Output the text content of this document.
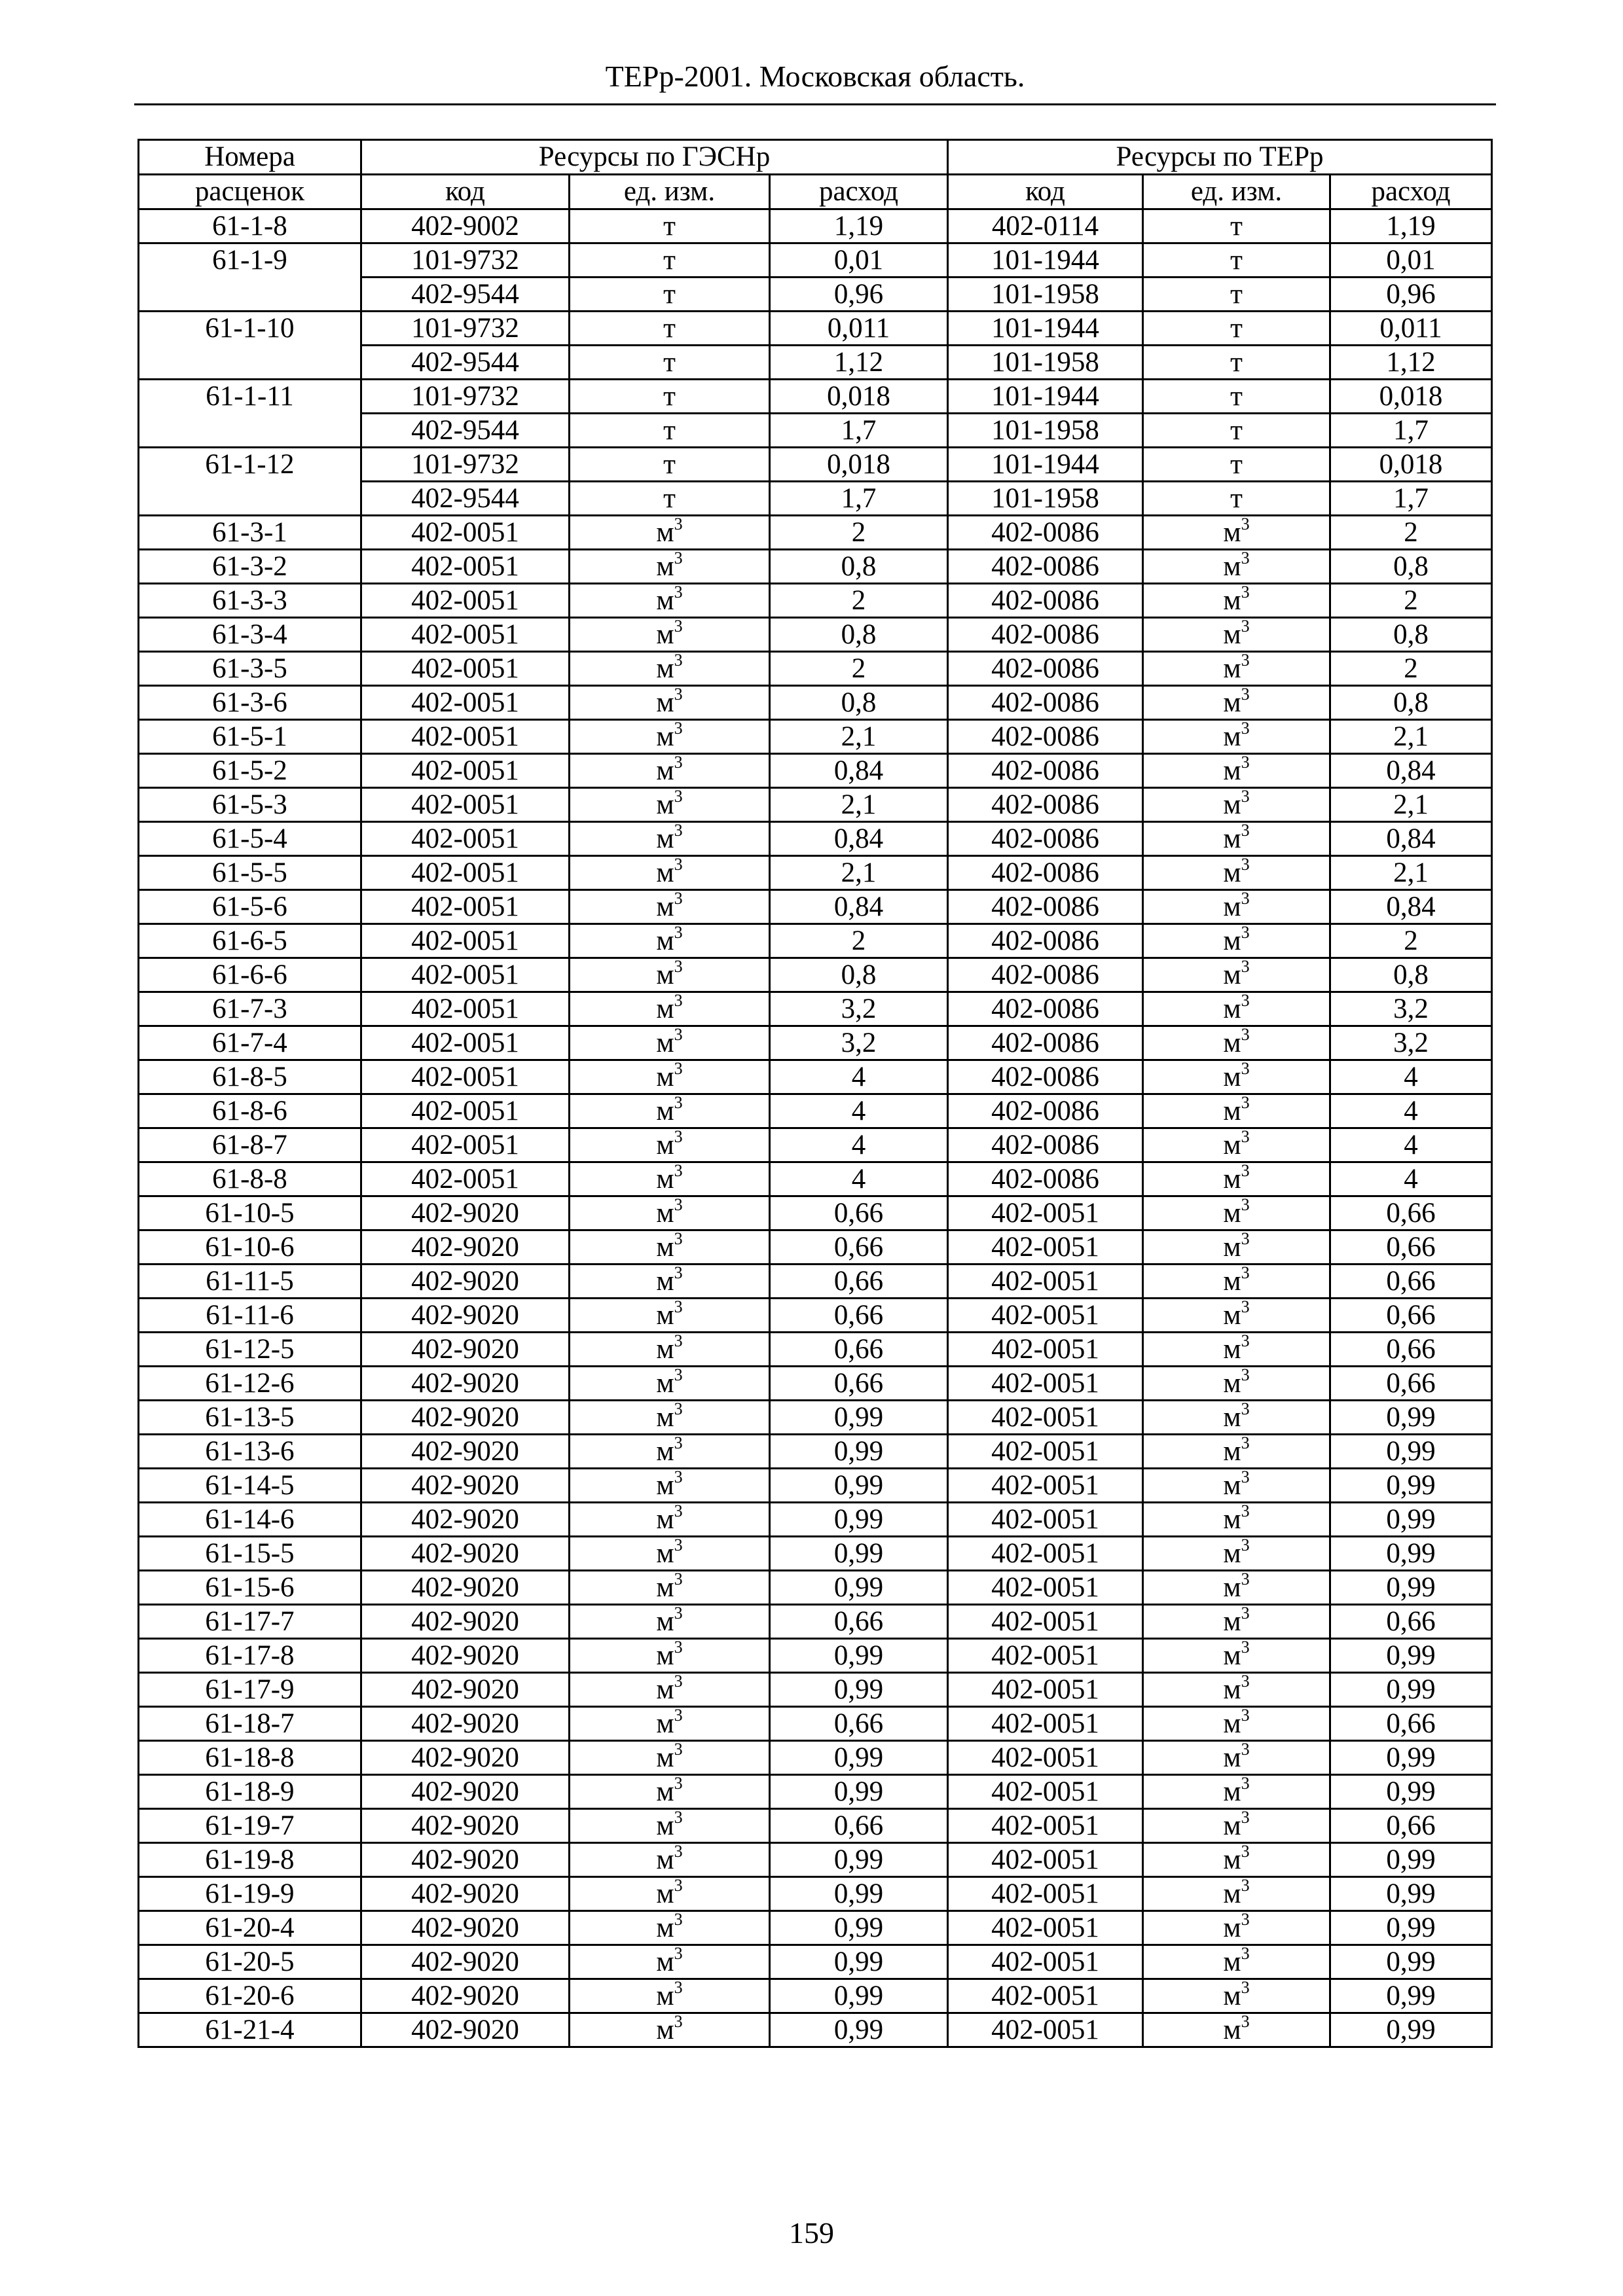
ТЕРр-2001. Московская область.
Номера	Ресурсы по ГЭСНр			Ресурсы по ТЕРр		
расценок	код	ед. изм.	расход	код	ед. изм.	расход
61-1-8	402-9002	т	1,19	402-0114	т	1,19
61-1-9	101-9732	т	0,01	101-1944	т	0,01
	402-9544	т	0,96	101-1958	т	0,96
61-1-10	101-9732	т	0,011	101-1944	т	0,011
	402-9544	т	1,12	101-1958	т	1,12
61-1-11	101-9732	т	0,018	101-1944	т	0,018
	402-9544	т	1,7	101-1958	т	1,7
61-1-12	101-9732	т	0,018	101-1944	т	0,018
	402-9544	т	1,7	101-1958	т	1,7
61-3-1	402-0051	$м^3$	2	402-0086	$м^3$	2
61-3-2	402-0051	$м^3$	0,8	402-0086	$м^3$	0,8
61-3-3	402-0051	$м^3$	2	402-0086	$м^3$	2
61-3-4	402-0051	$м^3$	0,8	402-0086	$м^3$	0,8
61-3-5	402-0051	$м^3$	2	402-0086	$м^3$	2
61-3-6	402-0051	$м^3$	0,8	402-0086	$м^3$	0,8
61-5-1	402-0051	$м^3$	2,1	402-0086	$м^3$	2,1
61-5-2	402-0051	$м^3$	0,84	402-0086	$м^3$	0,84
61-5-3	402-0051	$м^3$	2,1	402-0086	$м^3$	2,1
61-5-4	402-0051	$м^3$	0,84	402-0086	$м^3$	0,84
61-5-5	402-0051	$м^3$	2,1	402-0086	$м^3$	2,1
61-5-6	402-0051	$м^3$	0,84	402-0086	$м^3$	0,84
61-6-5	402-0051	$м^3$	2	402-0086	$м^3$	2
61-6-6	402-0051	$м^3$	0,8	402-0086	$м^3$	0,8
61-7-3	402-0051	$м^3$	3,2	402-0086	$м^3$	3,2
61-7-4	402-0051	$м^3$	3,2	402-0086	$м^3$	3,2
61-8-5	402-0051	$м^3$	4	402-0086	$м^3$	4
61-8-6	402-0051	$м^3$	4	402-0086	$м^3$	4
61-8-7	402-0051	$м^3$	4	402-0086	$м^3$	4
61-8-8	402-0051	$м^3$	4	402-0086	$м^3$	4
61-10-5	402-9020	$м^3$	0,66	402-0051	$м^3$	0,66
61-10-6	402-9020	$м^3$	0,66	402-0051	$м^3$	0,66
61-11-5	402-9020	$м^3$	0,66	402-0051	$м^3$	0,66
61-11-6	402-9020	$м^3$	0,66	402-0051	$м^3$	0,66
61-12-5	402-9020	$м^3$	0,66	402-0051	$м^3$	0,66
61-12-6	402-9020	$м^3$	0,66	402-0051	$м^3$	0,66
61-13-5	402-9020	$м^3$	0,99	402-0051	$м^3$	0,99
61-13-6	402-9020	$м^3$	0,99	402-0051	$м^3$	0,99
61-14-5	402-9020	$м^3$	0,99	402-0051	$м^3$	0,99
61-14-6	402-9020	$м^3$	0,99	402-0051	$м^3$	0,99
61-15-5	402-9020	$м^3$	0,99	402-0051	$м^3$	0,99
61-15-6	402-9020	$м^3$	0,99	402-0051	$м^3$	0,99
61-17-7	402-9020	$м^3$	0,66	402-0051	$м^3$	0,66
61-17-8	402-9020	$м^3$	0,99	402-0051	$м^3$	0,99
61-17-9	402-9020	$м^3$	0,99	402-0051	$м^3$	0,99
61-18-7	402-9020	$м^3$	0,66	402-0051	$м^3$	0,66
61-18-8	402-9020	$м^3$	0,99	402-0051	$м^3$	0,99
61-18-9	402-9020	$м^3$	0,99	402-0051	$м^3$	0,99
61-19-7	402-9020	$м^3$	0,66	402-0051	$м^3$	0,66
61-19-8	402-9020	$м^3$	0,99	402-0051	$м^3$	0,99
61-19-9	402-9020	$м^3$	0,99	402-0051	$м^3$	0,99
61-20-4	402-9020	$м^3$	0,99	402-0051	$м^3$	0,99
61-20-5	402-9020	$м^3$	0,99	402-0051	$м^3$	0,99
61-20-6	402-9020	$м^3$	0,99	402-0051	$м^3$	0,99
61-21-4	402-9020	$м^3$	0,99	402-0051	$м^3$	0,99
159
